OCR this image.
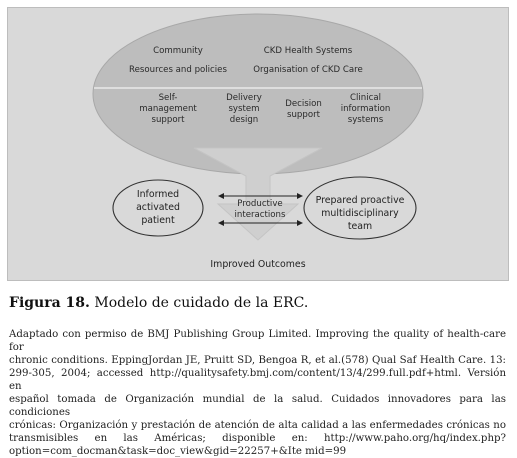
Community
Resources and policies
CKD Health Systems
Organisation of CKD Care
Self-
management
support
Delivery
system
design
Decision
support
Clinical
information
systems
Informed
activated
patient
Productive
interactions
Prepared proactive
multidisciplinary
team
Improved Outcomes
Figura 18. Modelo de cuidado de la ERC.
Adaptado con permiso de BMJ Publishing Group Limited. Improving the quality of health-care for
chronic conditions. EppingJordan JE, Pruitt SD, Bengoa R, et al.(578) Qual Saf Health Care. 13:
299-305, 2004; accessed http://qualitysafety.bmj.com/content/13/4/299.full.pdf+html. Versión en
español tomada de Organización mundial de la salud. Cuidados innovadores para las condiciones
crónicas: Organización y prestación de atención de alta calidad a las enfermedades crónicas no
transmisibles en las Américas; disponible en: http://www.paho.org/hq/index.php?
option=com_docman&task=doc_view&gid=22257+&Ite mid=99
